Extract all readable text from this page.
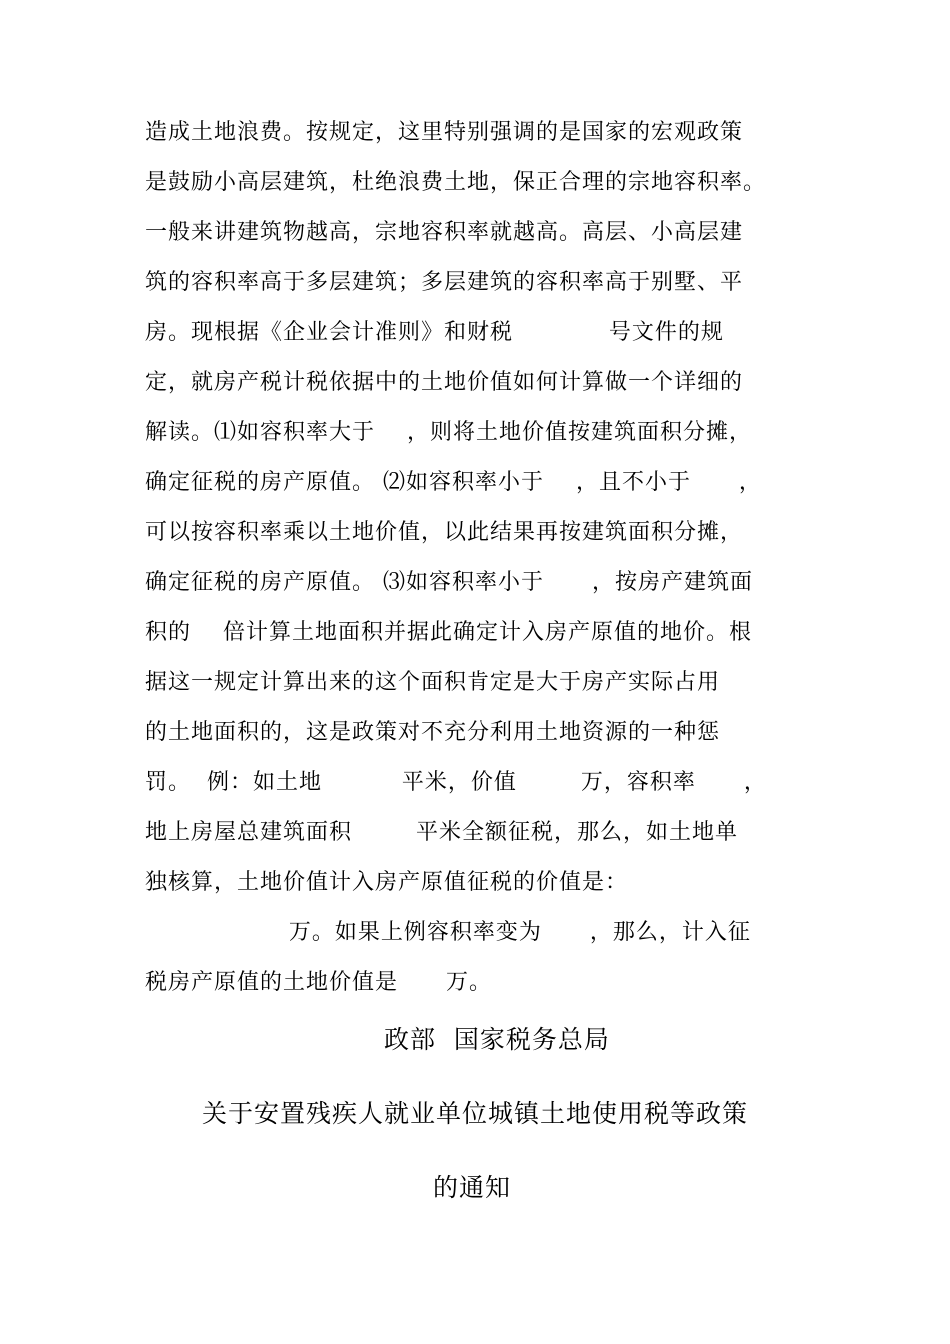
造成土地浪费。按规定，这里特别强调的是国家的宏观政策
是鼓励小高层建筑，杜绝浪费土地，保正合理的宗地容积率。
一般来讲建筑物越高，宗地容积率就越高。高层、小高层建
筑的容积率高于多层建筑；多层建筑的容积率高于别墅、平
房。现根据《企业会计准则》和财税            号文件的规
定，就房产税计税依据中的土地价值如何计算做一个详细的
解读。⑴如容积率大于    ，则将土地价值按建筑面积分摊，
确定征税的房产原值。 ⑵如容积率小于    ，且不小于      ，
可以按容积率乘以土地价值，以此结果再按建筑面积分摊，
确定征税的房产原值。 ⑶如容积率小于      ，按房产建筑面
积的    倍计算土地面积并据此确定计入房产原值的地价。根
据这一规定计算出来的这个面积肯定是大于房产实际占用
的土地面积的，这是政策对不充分利用土地资源的一种惩
罚。  例：如土地          平米，价值        万，容积率      ，
地上房屋总建筑面积        平米全额征税，那么，如土地单
独核算，土地价值计入房产原值征税的价值是：
万。如果上例容积率变为      ，那么，计入征
税房产原值的土地价值是      万。
政部  国家税务总局
关于安置残疾人就业单位城镇土地使用税等政策
的通知
